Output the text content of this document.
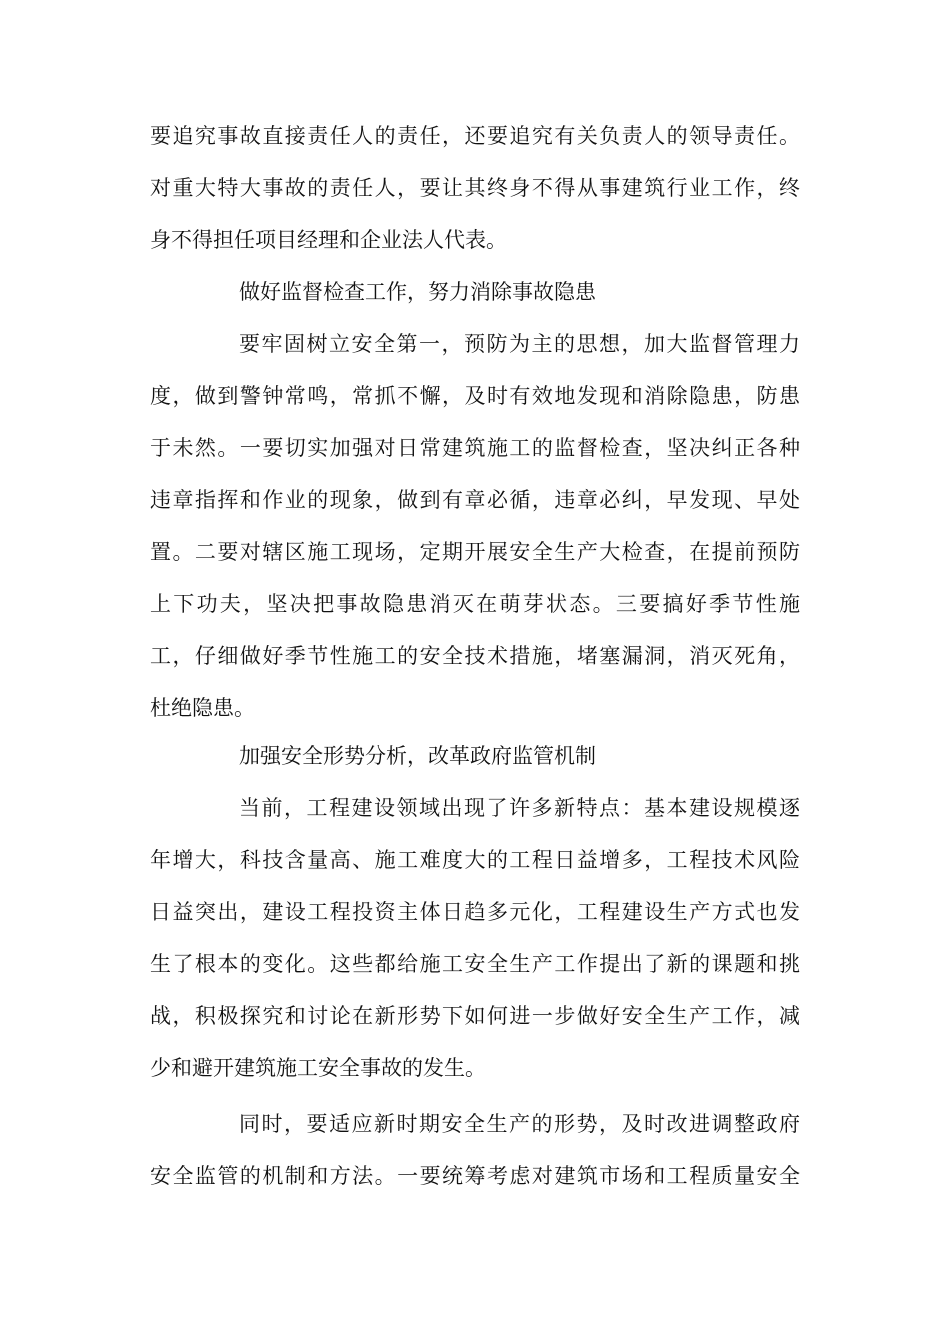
要追究事故直接责任人的责任，还要追究有关负责人的领导责任。
对重大特大事故的责任人，要让其终身不得从事建筑行业工作，终
身不得担任项目经理和企业法人代表。
做好监督检查工作，努力消除事故隐患
要牢固树立安全第一，预防为主的思想，加大监督管理力
度，做到警钟常鸣，常抓不懈，及时有效地发现和消除隐患，防患
于未然。一要切实加强对日常建筑施工的监督检查，坚决纠正各种
违章指挥和作业的现象，做到有章必循，违章必纠，早发现、早处
置。二要对辖区施工现场，定期开展安全生产大检查，在提前预防
上下功夫，坚决把事故隐患消灭在萌芽状态。三要搞好季节性施
工，仔细做好季节性施工的安全技术措施，堵塞漏洞，消灭死角，
杜绝隐患。
加强安全形势分析，改革政府监管机制
当前，工程建设领域出现了许多新特点：基本建设规模逐
年增大，科技含量高、施工难度大的工程日益增多，工程技术风险
日益突出，建设工程投资主体日趋多元化，工程建设生产方式也发
生了根本的变化。这些都给施工安全生产工作提出了新的课题和挑
战，积极探究和讨论在新形势下如何进一步做好安全生产工作，减
少和避开建筑施工安全事故的发生。
同时，要适应新时期安全生产的形势，及时改进调整政府
安全监管的机制和方法。一要统筹考虑对建筑市场和工程质量安全
